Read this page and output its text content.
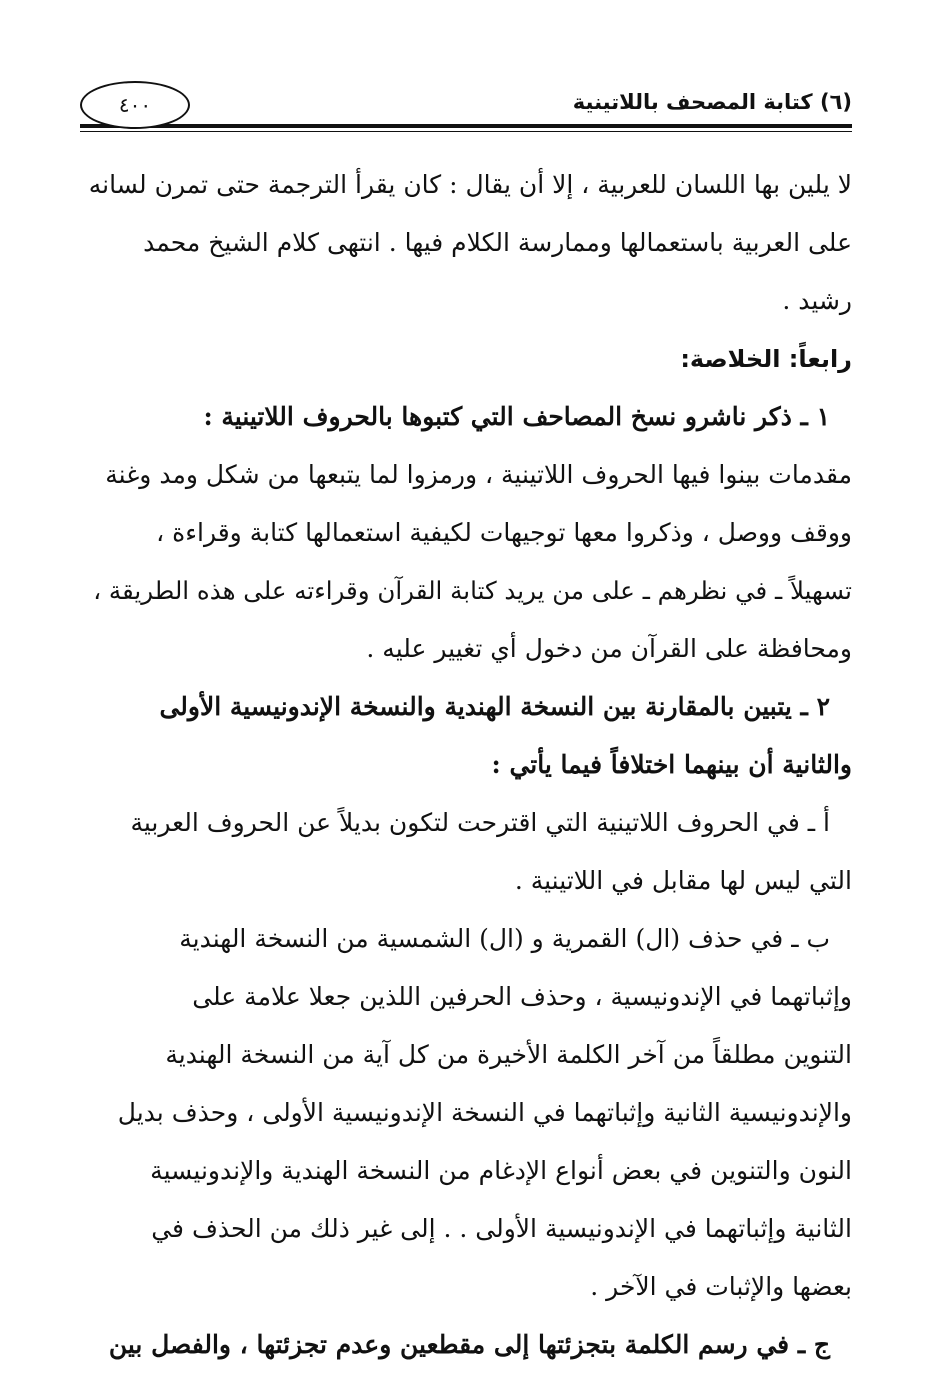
٤٠٠	(٦) كتابة المصحف باللاتينية
لا يلين بها اللسان للعربية ، إلا أن يقال : كان يقرأ الترجمة حتى تمرن لسانه
على العربية باستعمالها وممارسة الكلام فيها . انتهى كلام الشيخ محمد
رشيد .
رابعاً: الخلاصة:
١ ـ ذكر ناشرو نسخ المصاحف التي كتبوها بالحروف اللاتينية :
مقدمات بينوا فيها الحروف اللاتينية ، ورمزوا لما يتبعها من شكل ومد وغنة
ووقف ووصل ، وذكروا معها توجيهات لكيفية استعمالها كتابة وقراءة ،
تسهيلاً ـ في نظرهم ـ على من يريد كتابة القرآن وقراءته على هذه الطريقة ،
ومحافظة على القرآن من دخول أي تغيير عليه .
٢ ـ يتبين بالمقارنة بين النسخة الهندية والنسخة الإندونيسية الأولى
والثانية أن بينهما اختلافاً فيما يأتي :
أ ـ في الحروف اللاتينية التي اقترحت لتكون بديلاً عن الحروف العربية
التي ليس لها مقابل في اللاتينية .
ب ـ في حذف (ال) القمرية و (ال) الشمسية من النسخة الهندية
وإثباتهما في الإندونيسية ، وحذف الحرفين اللذين جعلا علامة على
التنوين مطلقاً من آخر الكلمة الأخيرة من كل آية من النسخة الهندية
والإندونيسية الثانية وإثباتهما في النسخة الإندونيسية الأولى ، وحذف بديل
النون والتنوين في بعض أنواع الإدغام من النسخة الهندية والإندونيسية
الثانية وإثباتهما في الإندونيسية الأولى . . إلى غير ذلك من الحذف في
بعضها والإثبات في الآخر .
ج ـ في رسم الكلمة بتجزئتها إلى مقطعين وعدم تجزئتها ، والفصل بين
